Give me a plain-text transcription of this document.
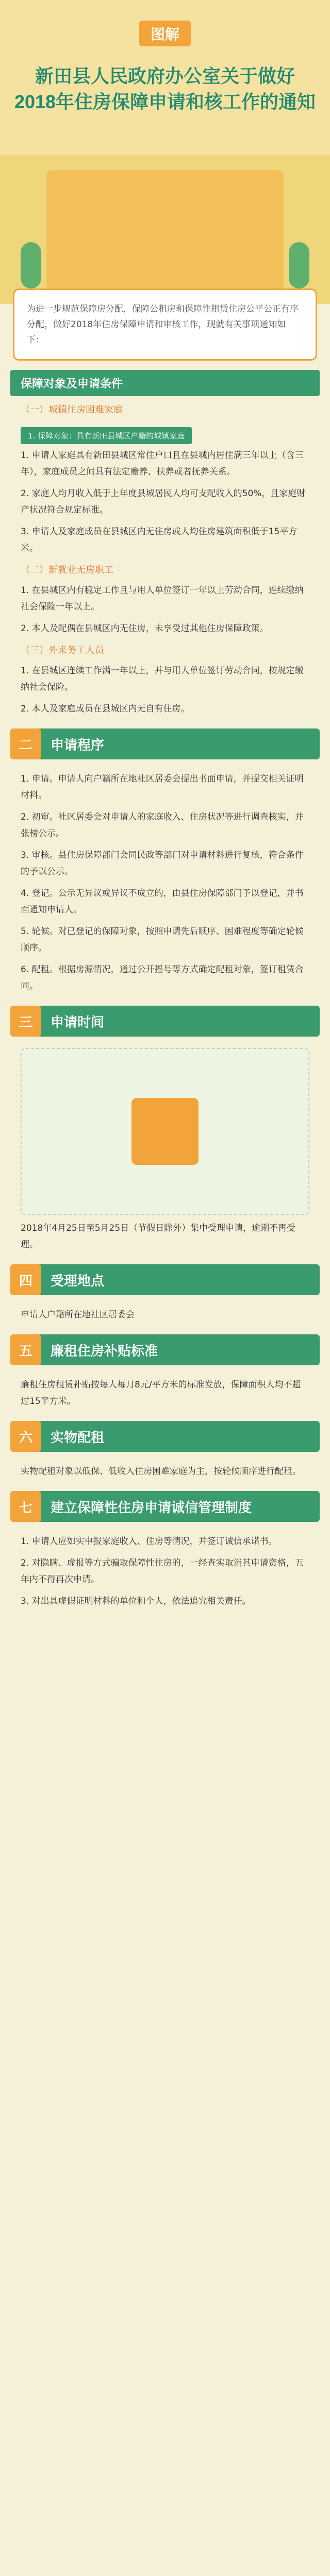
图解
新田县人民政府办公室关于做好
2018年住房保障申请和核工作的通知
为进一步规范保障房分配，保障公租房和保障性租赁住房公平公正有序分配，做好2018年住房保障申请和审核工作，现就有关事项通知如下：
保障对象及申请条件
（一）城镇住房困难家庭
1. 保障对象：具有新田县城区户籍的城镇家庭
1. 申请人家庭具有新田县城区常住户口且在县城内居住满三年以上（含三年），家庭成员之间具有法定赡养、扶养或者抚养关系。
2. 家庭人均月收入低于上年度县城居民人均可支配收入的50%，且家庭财产状况符合规定标准。
3. 申请人及家庭成员在县城区内无住房或人均住房建筑面积低于15平方米。
（二）新就业无房职工
1. 在县城区内有稳定工作且与用人单位签订一年以上劳动合同，连续缴纳社会保险一年以上。
2. 本人及配偶在县城区内无住房，未享受过其他住房保障政策。
（三）外来务工人员
1. 在县城区连续工作满一年以上，并与用人单位签订劳动合同，按规定缴纳社会保险。
2. 本人及家庭成员在县城区内无自有住房。
二	申请程序
1. 申请。申请人向户籍所在地社区居委会提出书面申请，并提交相关证明材料。
2. 初审。社区居委会对申请人的家庭收入、住房状况等进行调查核实，并张榜公示。
3. 审核。县住房保障部门会同民政等部门对申请材料进行复核，符合条件的予以公示。
4. 登记。公示无异议或异议不成立的，由县住房保障部门予以登记，并书面通知申请人。
5. 轮候。对已登记的保障对象，按照申请先后顺序、困难程度等确定轮候顺序。
6. 配租。根据房源情况，通过公开摇号等方式确定配租对象，签订租赁合同。
三	申请时间
2018年4月25日至5月25日（节假日除外）集中受理申请，逾期不再受理。
四	受理地点
申请人户籍所在地社区居委会
五	廉租住房补贴标准
廉租住房租赁补贴按每人每月8元/平方米的标准发放，保障面积人均不超过15平方米。
六	实物配租
实物配租对象以低保、低收入住房困难家庭为主，按轮候顺序进行配租。
七	建立保障性住房申请诚信管理制度
1. 申请人应如实申报家庭收入、住房等情况，并签订诚信承诺书。
2. 对隐瞒、虚报等方式骗取保障性住房的，一经查实取消其申请资格，五年内不得再次申请。
3. 对出具虚假证明材料的单位和个人，依法追究相关责任。
